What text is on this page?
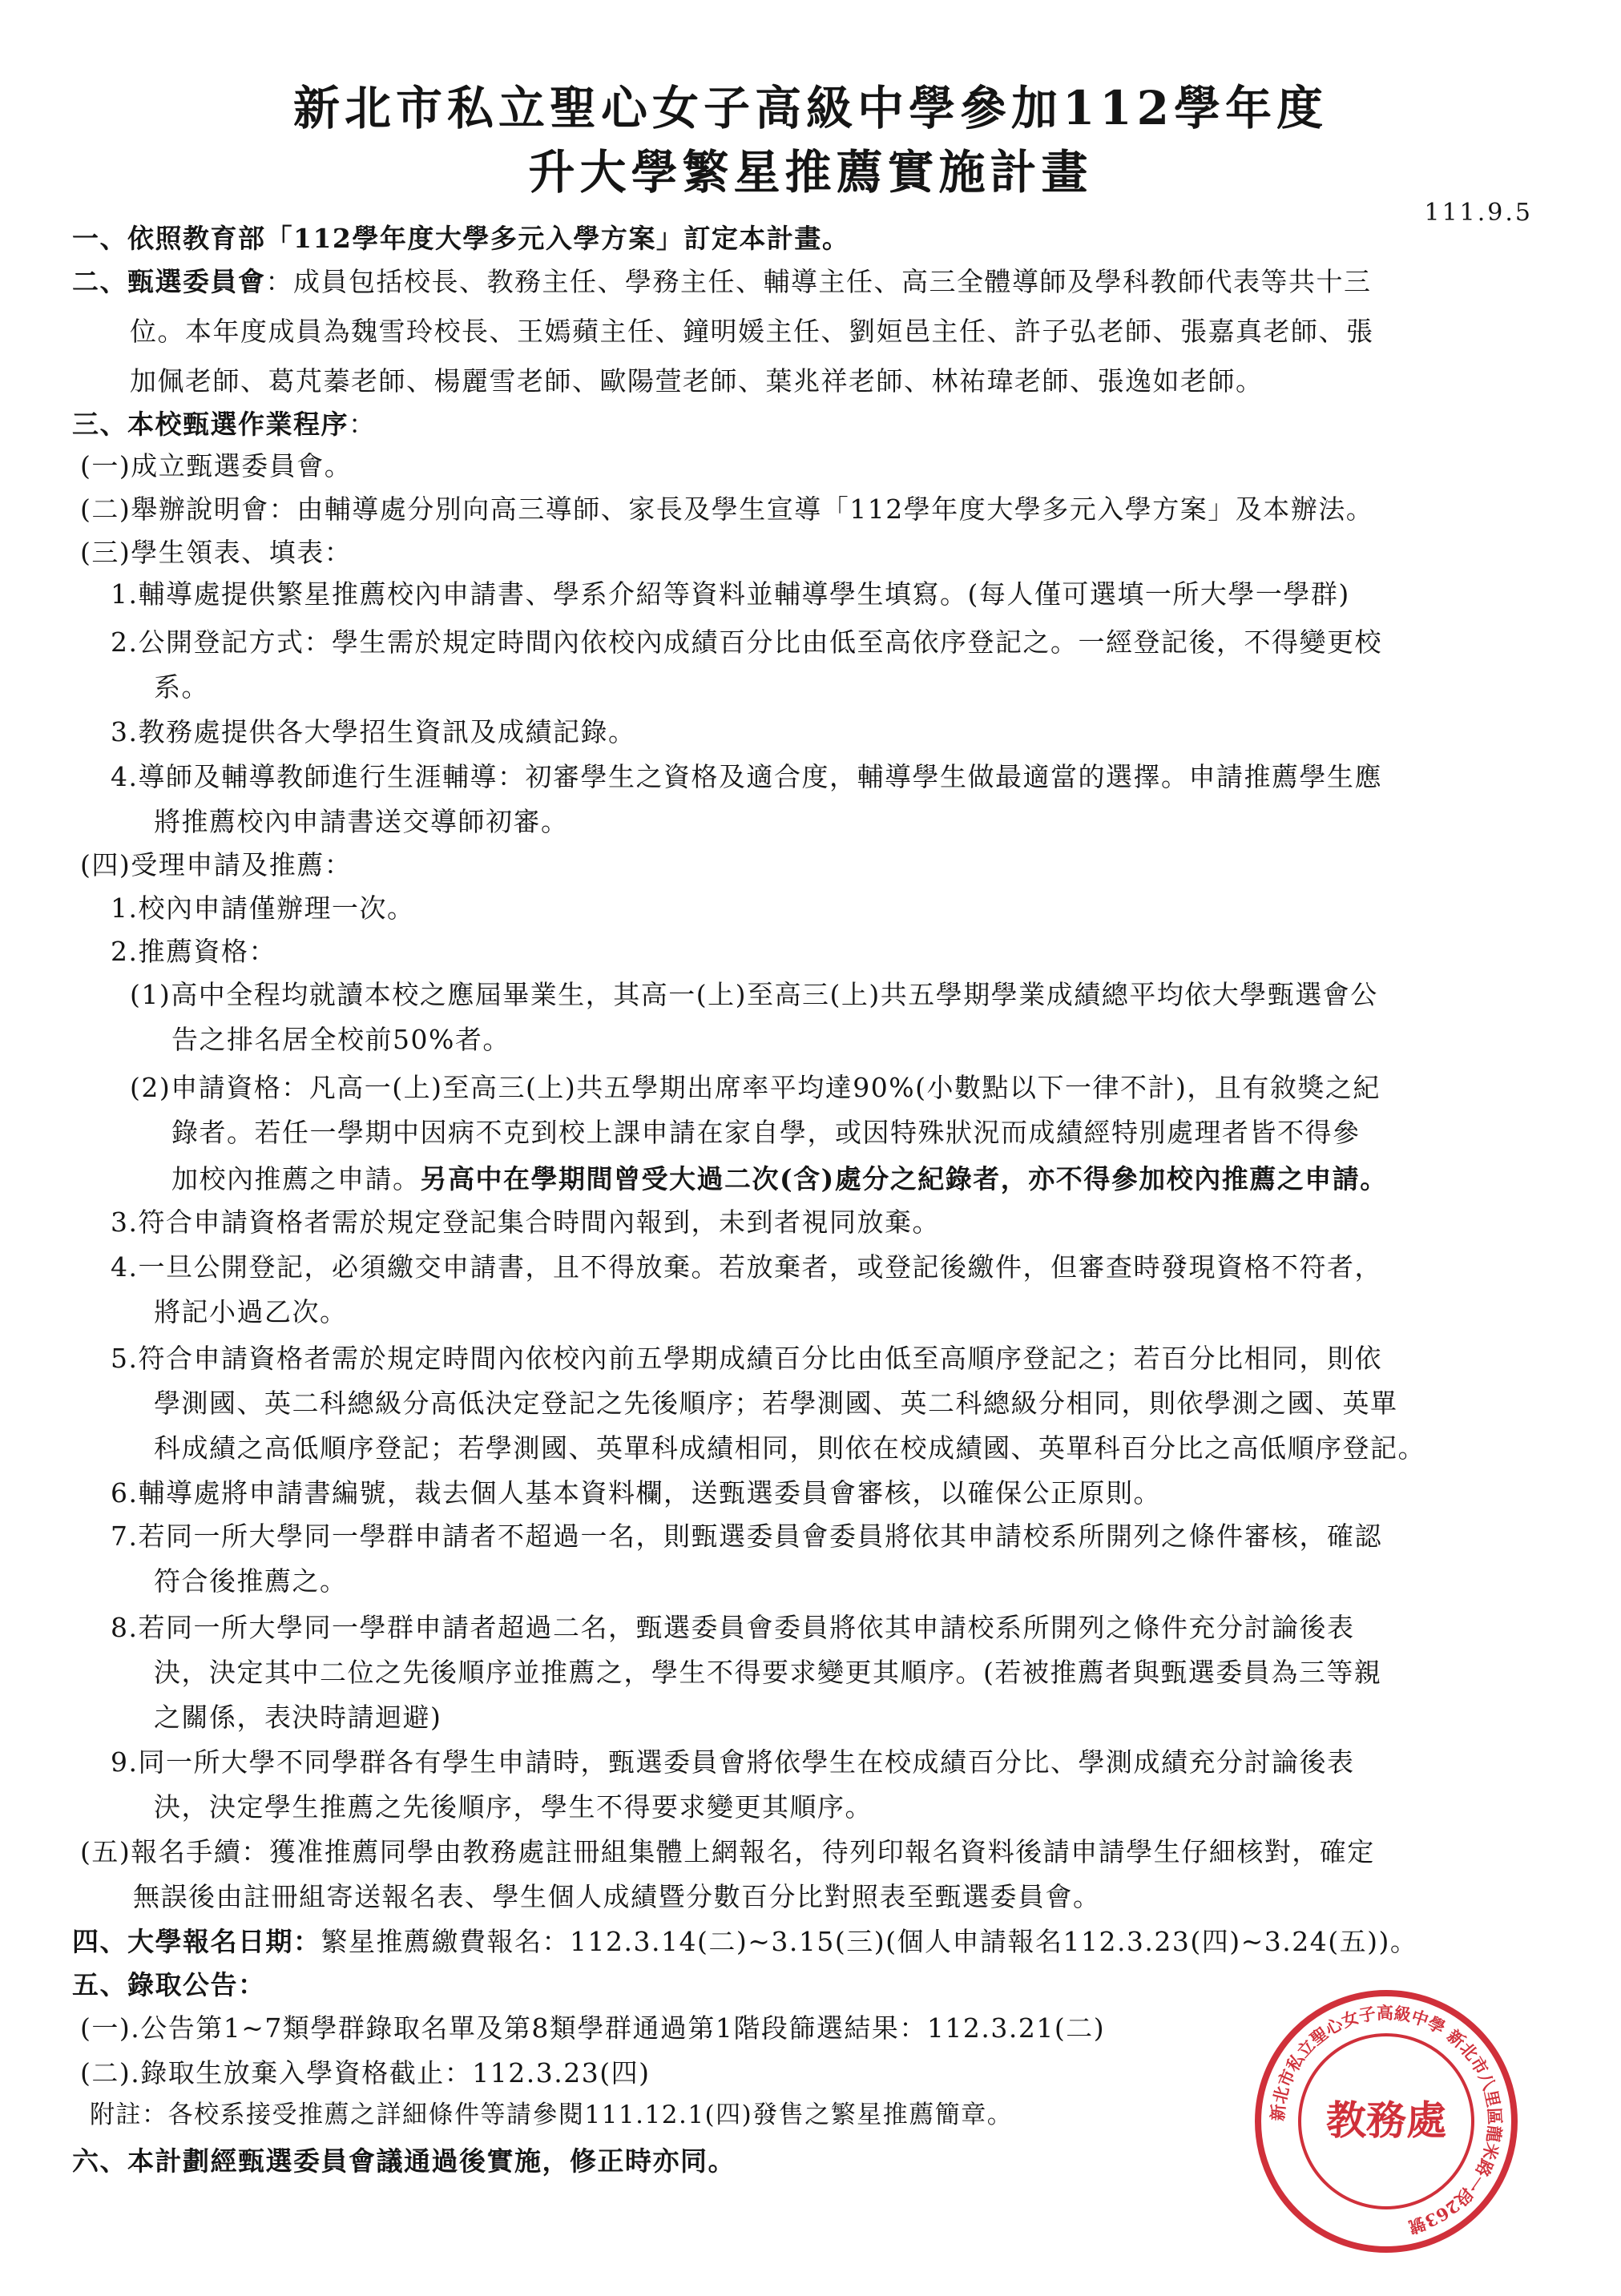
新北市私立聖心女子高級中學參加112學年度
升大學繁星推薦實施計畫
111.9.5
一、依照教育部「112學年度大學多元入學方案」訂定本計畫。
二、甄選委員會：成員包括校長、教務主任、學務主任、輔導主任、高三全體導師及學科教師代表等共十三
位。本年度成員為魏雪玲校長、王嫣蘋主任、鐘明媛主任、劉姮邑主任、許子弘老師、張嘉真老師、張
加佩老師、葛芃蓁老師、楊麗雪老師、歐陽萱老師、葉兆祥老師、林祐瑋老師、張逸如老師。
三、本校甄選作業程序：
(一)成立甄選委員會。
(二)舉辦說明會：由輔導處分別向高三導師、家長及學生宣導「112學年度大學多元入學方案」及本辦法。
(三)學生領表、填表：
1.輔導處提供繁星推薦校內申請書、學系介紹等資料並輔導學生填寫。(每人僅可選填一所大學一學群)
2.公開登記方式：學生需於規定時間內依校內成績百分比由低至高依序登記之。一經登記後，不得變更校
系。
3.教務處提供各大學招生資訊及成績記錄。
4.導師及輔導教師進行生涯輔導：初審學生之資格及適合度，輔導學生做最適當的選擇。申請推薦學生應
將推薦校內申請書送交導師初審。
(四)受理申請及推薦：
1.校內申請僅辦理一次。
2.推薦資格：
(1)高中全程均就讀本校之應屆畢業生，其高一(上)至高三(上)共五學期學業成績總平均依大學甄選會公
告之排名居全校前50%者。
(2)申請資格：凡高一(上)至高三(上)共五學期出席率平均達90%(小數點以下一律不計)，且有敘獎之紀
錄者。若任一學期中因病不克到校上課申請在家自學，或因特殊狀況而成績經特別處理者皆不得參
加校內推薦之申請。另高中在學期間曾受大過二次(含)處分之紀錄者，亦不得參加校內推薦之申請。
3.符合申請資格者需於規定登記集合時間內報到，未到者視同放棄。
4.一旦公開登記，必須繳交申請書，且不得放棄。若放棄者，或登記後繳件，但審查時發現資格不符者，
將記小過乙次。
5.符合申請資格者需於規定時間內依校內前五學期成績百分比由低至高順序登記之；若百分比相同，則依
學測國、英二科總級分高低決定登記之先後順序；若學測國、英二科總級分相同，則依學測之國、英單
科成績之高低順序登記；若學測國、英單科成績相同，則依在校成績國、英單科百分比之高低順序登記。
6.輔導處將申請書編號，裁去個人基本資料欄，送甄選委員會審核，以確保公正原則。
7.若同一所大學同一學群申請者不超過一名，則甄選委員會委員將依其申請校系所開列之條件審核，確認
符合後推薦之。
8.若同一所大學同一學群申請者超過二名，甄選委員會委員將依其申請校系所開列之條件充分討論後表
決，決定其中二位之先後順序並推薦之，學生不得要求變更其順序。(若被推薦者與甄選委員為三等親
之關係，表決時請迴避)
9.同一所大學不同學群各有學生申請時，甄選委員會將依學生在校成績百分比、學測成績充分討論後表
決，決定學生推薦之先後順序，學生不得要求變更其順序。
(五)報名手續：獲准推薦同學由教務處註冊組集體上網報名，待列印報名資料後請申請學生仔細核對，確定
無誤後由註冊組寄送報名表、學生個人成績暨分數百分比對照表至甄選委員會。
四、大學報名日期：繁星推薦繳費報名：112.3.14(二)~3.15(三)(個人申請報名112.3.23(四)~3.24(五))。
五、錄取公告：
(一).公告第1~7類學群錄取名單及第8類學群通過第1階段篩選結果：112.3.21(二)
(二).錄取生放棄入學資格截止：112.3.23(四)
附註：各校系接受推薦之詳細條件等請參閱111.12.1(四)發售之繁星推薦簡章。
六、本計劃經甄選委員會議通過後實施，修正時亦同。
新北市私立聖心女子高級中學 新北市八里區龍米路一段263號
教務處
